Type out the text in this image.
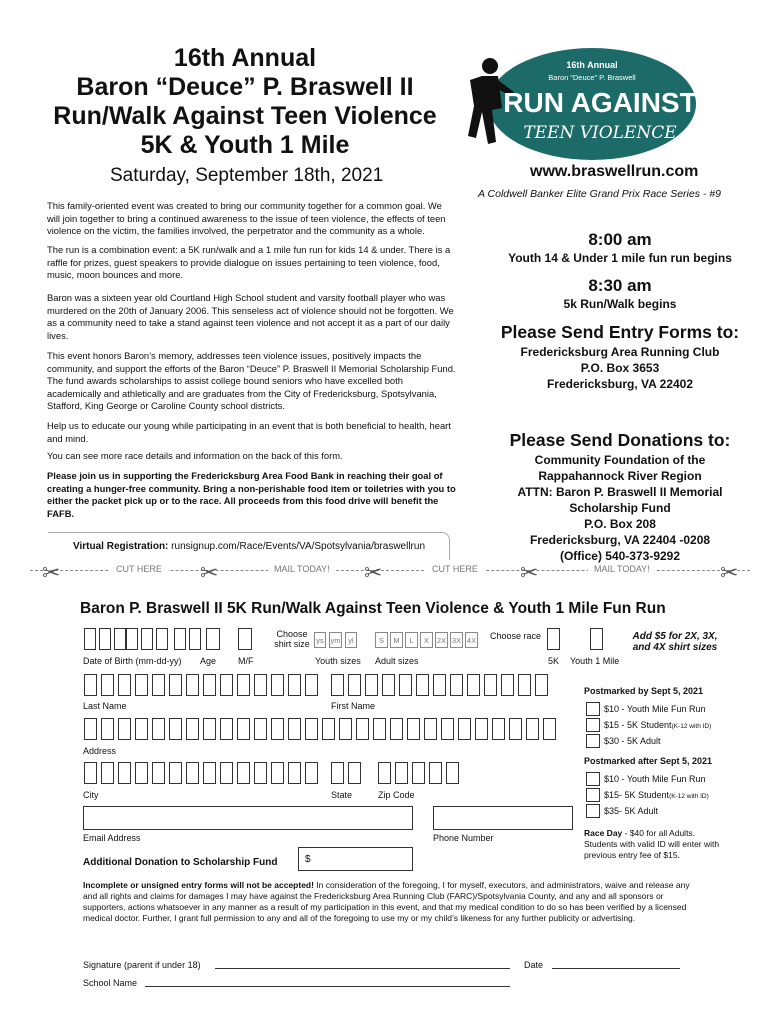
16th Annual
Baron “Deuce” P. Braswell II
Run/Walk Against Teen Violence
5K & Youth 1 Mile
Saturday, September 18th, 2021
16th Annual
Baron “Deuce” P. Braswell
RUN AGAINST
TEEN VIOLENCE
www.braswellrun.com
A Coldwell Banker Elite Grand Prix Race Series - #9
This family-oriented event was created to bring our community together for a common goal. We will join together to bring a continued awareness to the issue of teen violence, the effects of teen violence on the victim, the families involved, the perpetrator and the community as a whole.
The run is a combination event: a 5K run/walk and a 1 mile fun run for kids 14 & under. There is a raffle for prizes, guest speakers to provide dialogue on issues pertaining to teen violence, food, music, moon bounces and more.
Baron was a sixteen year old Courtland High School student and varsity football player who was murdered on the 20th of January 2006. This senseless act of violence should not be forgotten. We as a community need to take a stand against teen violence and not accept it as a part of our daily lives.
This event honors Baron’s memory, addresses teen violence issues, positively impacts the community, and support the efforts of the Baron “Deuce” P. Braswell II Memorial Scholarship Fund. The fund awards scholarships to assist college bound seniors who have excelled both academically and athletically and are graduates from the City of Fredericksburg, Spotsylvania, Stafford, King George or Caroline County school districts.
Help us to educate our young while participating in an event that is both beneficial to health, heart and mind.
You can see more race details and information on the back of this form.
Please join us in supporting the Fredericksburg Area Food Bank in reaching their goal of creating a hunger-free community. Bring a non-perishable food item or toiletries with you to either the packet pick up or to the race. All proceeds from this food drive will benefit the FAFB.
8:00 am
Youth 14 & Under 1 mile fun run begins
8:30 am
5k Run/Walk begins
Please Send Entry Forms to:
Fredericksburg Area Running Club
P.O. Box 3653
Fredericksburg, VA 22402
Please Send Donations to:
Community Foundation of the
Rappahannock River Region
ATTN: Baron P. Braswell II Memorial
Scholarship Fund
P.O. Box 208
Fredericksburg, VA 22404 -0208
(Office) 540-373-9292
Virtual Registration: runsignup.com/Race/Events/VA/Spotsylvania/braswellrun
✂	CUT HERE ✂	MAIL TODAY! ✂	CUT HERE ✂	MAIL TODAY!	✂
Baron P. Braswell II 5K Run/Walk Against Teen Violence & Youth 1 Mile Fun Run
Choose shirt size ys ym	yl	S	M	L	X	2X 3X 4X Choose race	Add $5 for 2X, 3X, and 4X shirt sizes
Date of Birth (mm-dd-yy) Age M/F	Youth sizes Adult sizes	5K Youth 1 Mile
Last Name	First Name
Address
City	State	Zip Code
Email Address	Phone Number
Additional Donation to Scholarship Fund	$
Postmarked by Sept 5, 2021
$10 - Youth Mile Fun Run
$15 - 5K Student(K-12 with ID)
$30 - 5K Adult
Postmarked after Sept 5, 2021
$10 - Youth Mile Fun Run
$15- 5K Student(K-12 with ID)
$35- 5K Adult
Race Day - $40 for all Adults. Students with valid ID will enter with previous entry fee of $15.
Incomplete or unsigned entry forms will not be accepted! In consideration of the foregoing, I for myself, executors, and administrators, waive and release any and all rights and claims for damages I may have against the Fredericksburg Area Running Club (FARC)/Spotsylvania County, and any and all sponsors or supporters, actions whatsoever in any manner as a result of my participation in this event, and that my medical condition to do so has been verified by a licensed medical doctor. Further, I grant full permission to any and all of the foregoing to use my or my child’s likeness for any further publicity or advertising.
Signature (parent if under 18)	Date
School Name
